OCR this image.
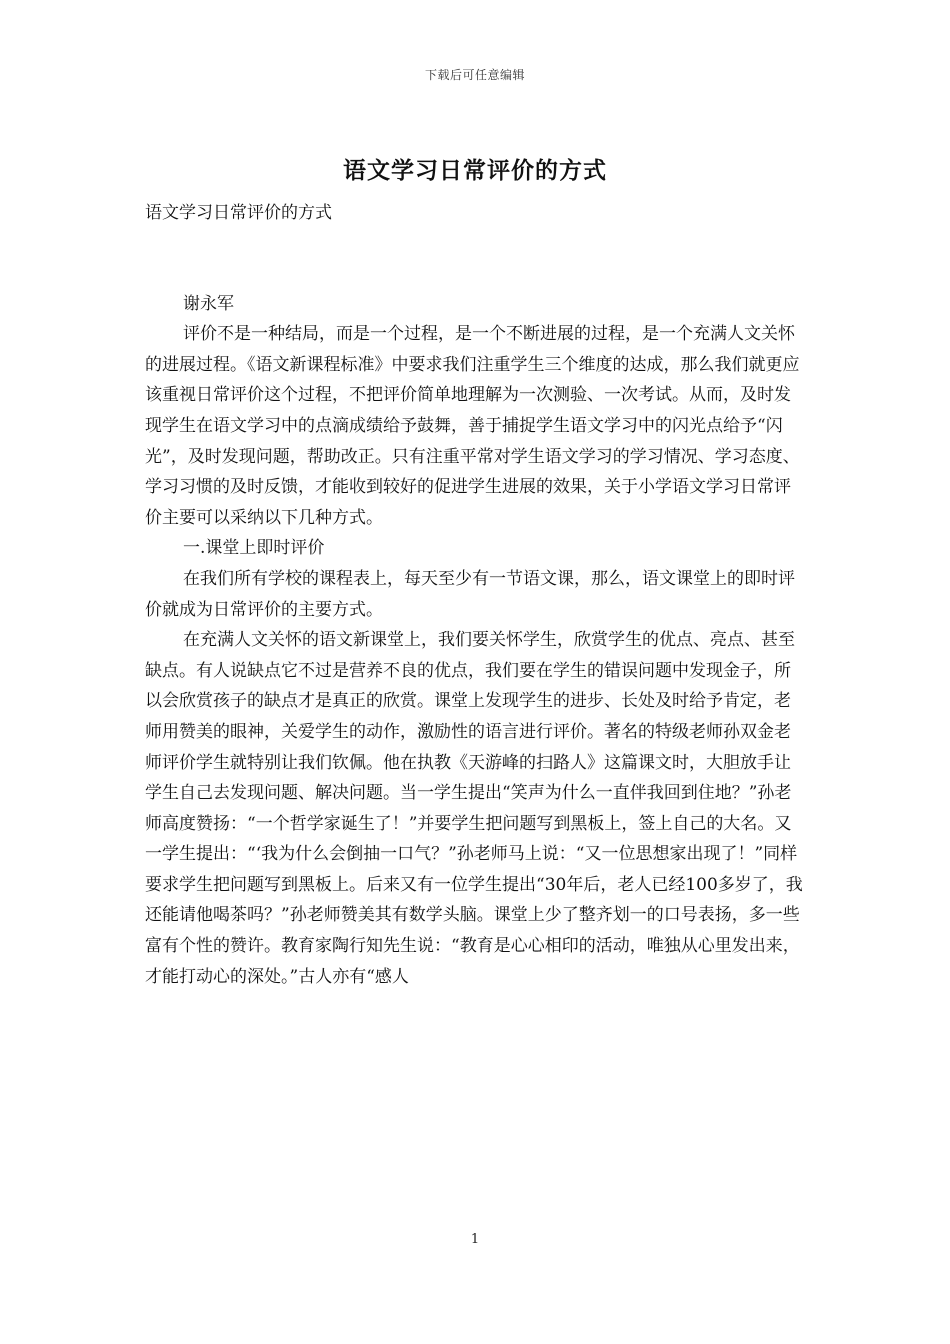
下载后可任意编辑
语文学习日常评价的方式

语文学习日常评价的方式

谢永军

评价不是一种结局，而是一个过程，是一个不断进展的过程，是一个充满人文关怀的进展过程。《语文新课程标准》中要求我们注重学生三个维度的达成，那么我们就更应该重视日常评价这个过程，不把评价简单地理解为一次测验、一次考试。从而，及时发现学生在语文学习中的点滴成绩给予鼓舞，善于捕捉学生语文学习中的闪光点给予“闪光”，及时发现问题，帮助改正。只有注重平常对学生语文学习的学习情况、学习态度、学习习惯的及时反馈，才能收到较好的促进学生进展的效果，关于小学语文学习日常评价主要可以采纳以下几种方式。

一.课堂上即时评价

在我们所有学校的课程表上，每天至少有一节语文课，那么，语文课堂上的即时评价就成为日常评价的主要方式。

在充满人文关怀的语文新课堂上，我们要关怀学生，欣赏学生的优点、亮点、甚至缺点。有人说缺点它不过是营养不良的优点，我们要在学生的错误问题中发现金子，所以会欣赏孩子的缺点才是真正的欣赏。课堂上发现学生的进步、长处及时给予肯定，老师用赞美的眼神，关爱学生的动作，激励性的语言进行评价。著名的特级老师孙双金老师评价学生就特别让我们钦佩。他在执教《天游峰的扫路人》这篇课文时，大胆放手让学生自己去发现问题、解决问题。当一学生提出“笑声为什么一直伴我回到住地？”孙老师高度赞扬：“一个哲学家诞生了！”并要学生把问题写到黑板上，签上自己的大名。又一学生提出：“‘我为什么会倒抽一口气？”孙老师马上说：“又一位思想家出现了！”同样要求学生把问题写到黑板上。后来又有一位学生提出“30年后，老人已经100多岁了，我还能请他喝茶吗？”孙老师赞美其有数学头脑。课堂上少了整齐划一的口号表扬，多一些富有个性的赞许。教育家陶行知先生说：“教育是心心相印的活动，唯独从心里发出来，才能打动心的深处。”古人亦有“感人

1
